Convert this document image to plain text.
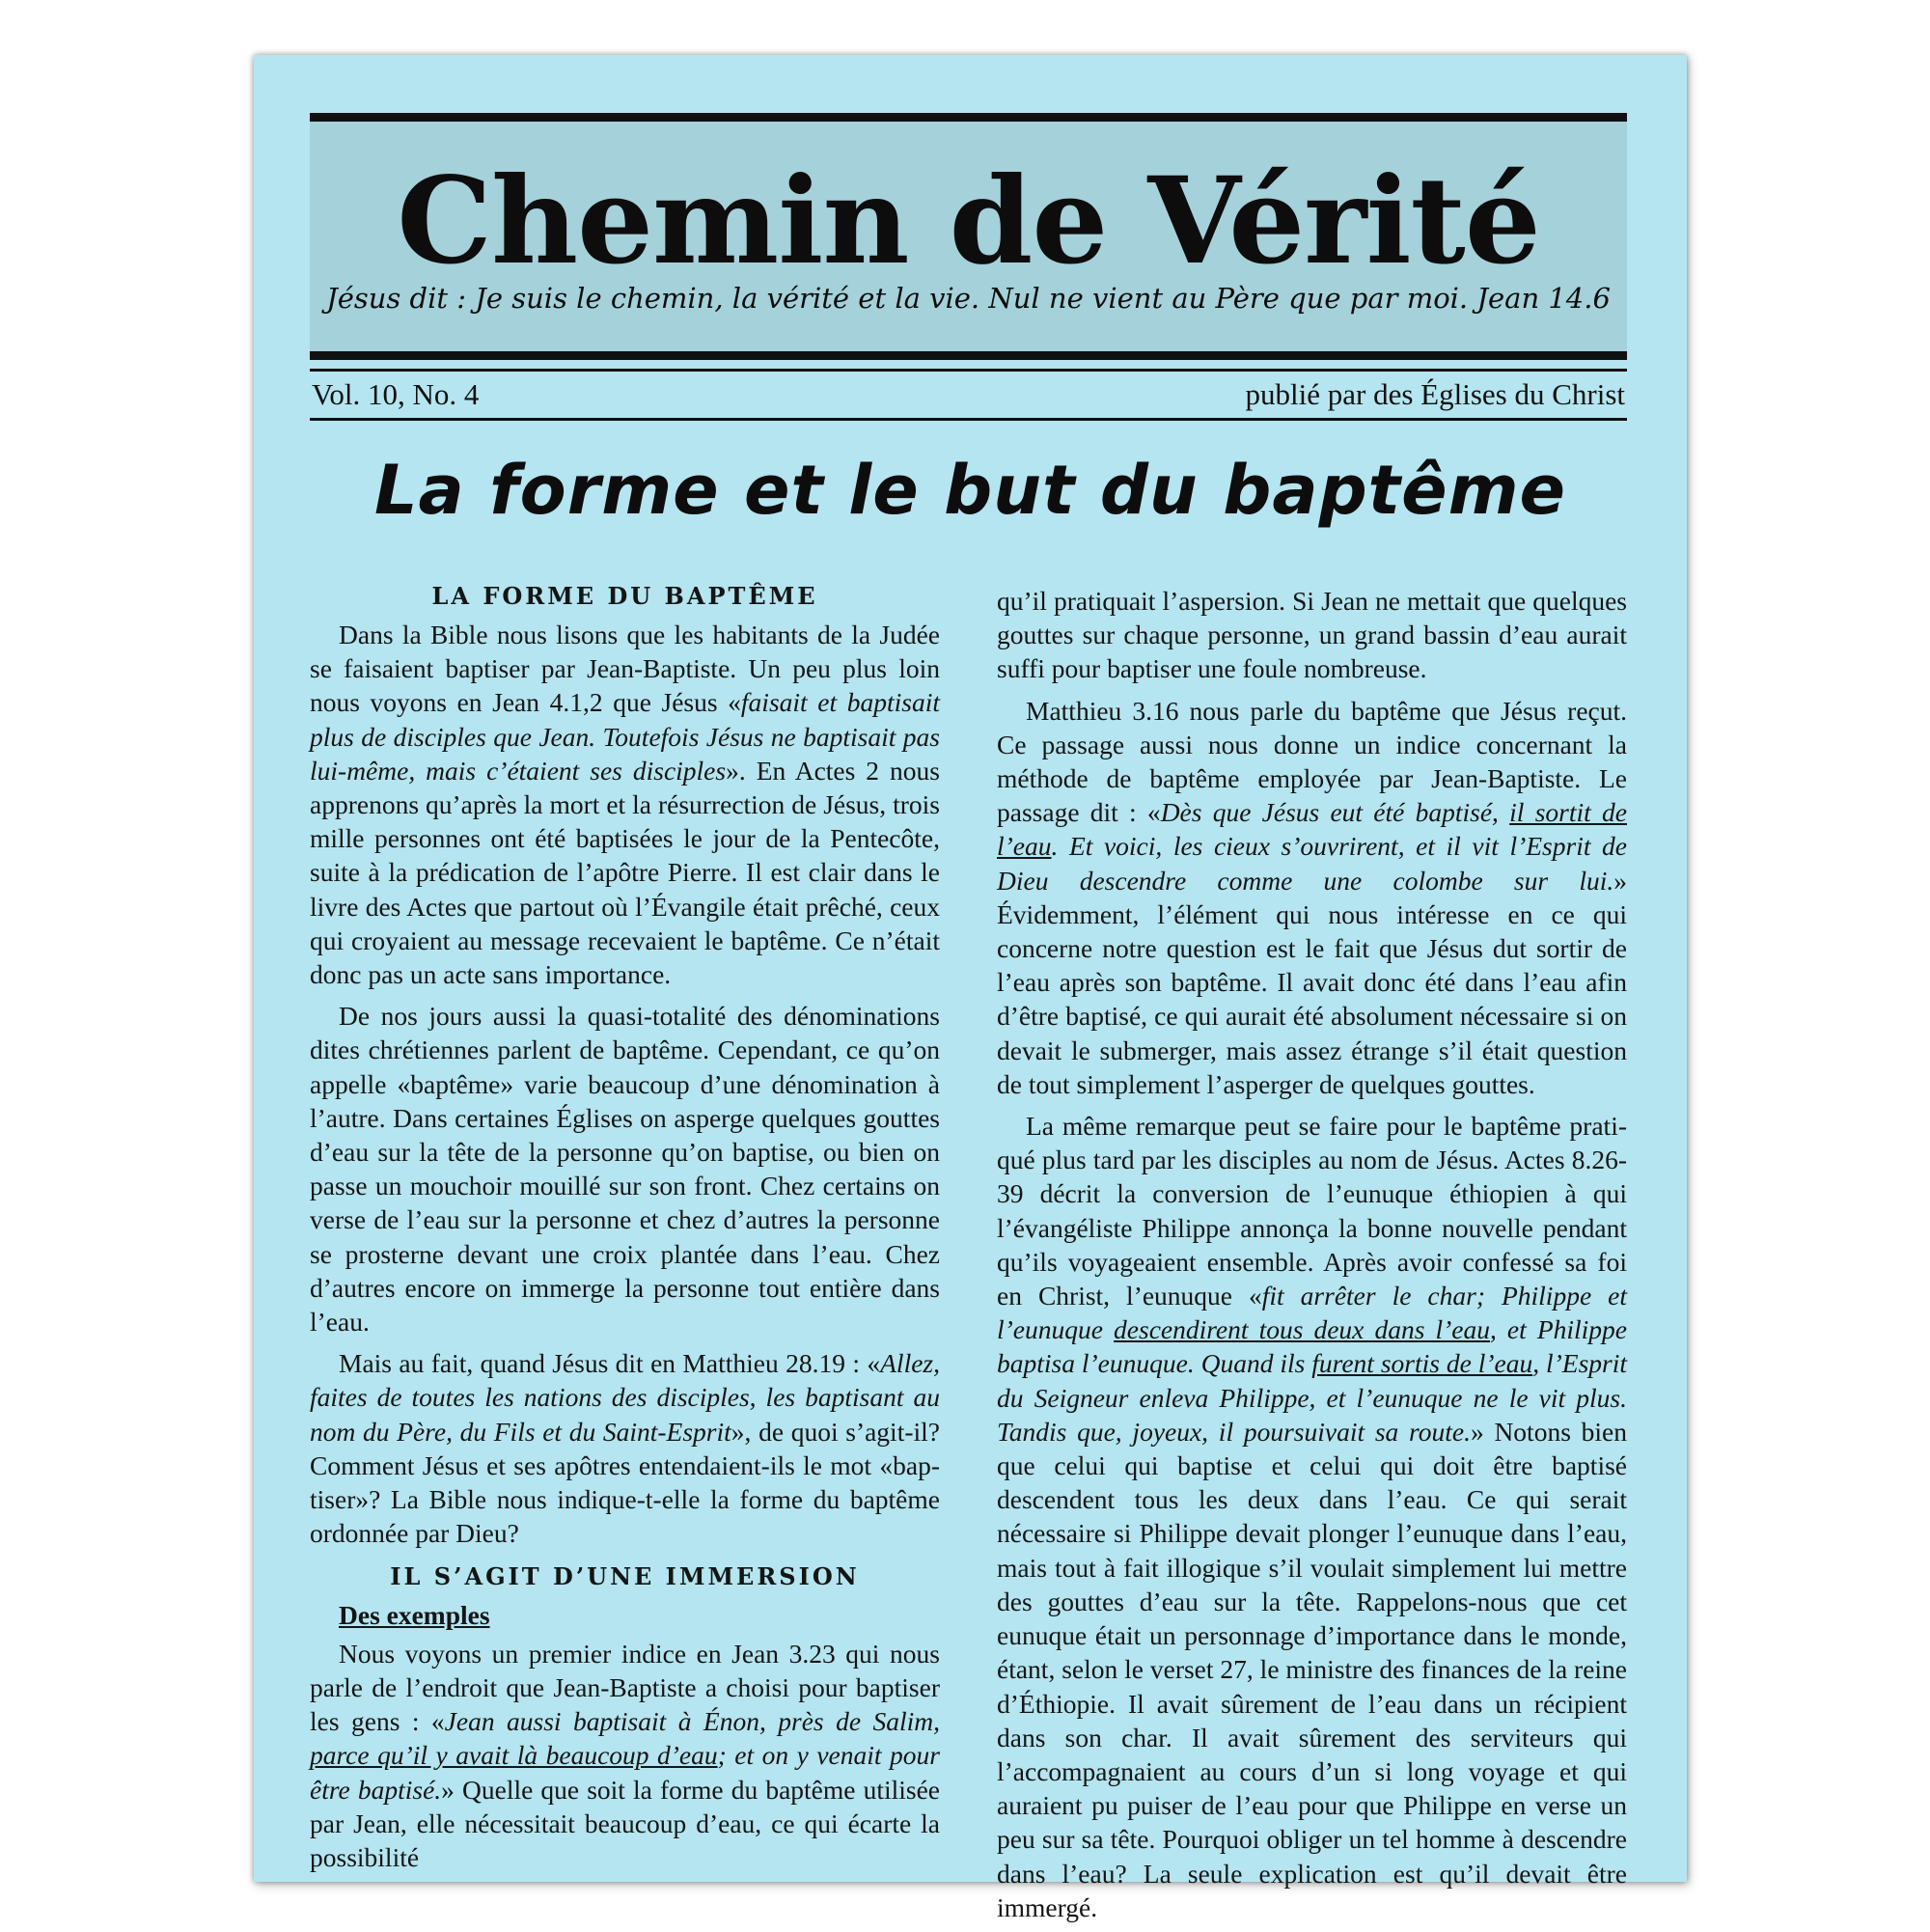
Chemin de Vérité
Jésus dit : Je suis le chemin, la vérité et la vie. Nul ne vient au Père que par moi. Jean 14.6
Vol. 10, No. 4	publié par des Églises du Christ
La forme et le but du baptême
LA FORME DU BAPTÊME

Dans la Bible nous lisons que les habitants de la Judée se faisaient baptiser par Jean-Baptiste. Un peu plus loin nous voyons en Jean 4.1,2 que Jésus «faisait et baptisait plus de disciples que Jean. Toutefois Jésus ne baptisait pas lui-même, mais c’étaient ses disciples». En Actes 2 nous apprenons qu’après la mort et la résurrection de Jésus, trois mille personnes ont été baptisées le jour de la Pentecôte, suite à la prédication de l’apôtre Pierre. Il est clair dans le livre des Actes que partout où l’Évangile était prêché, ceux qui croyaient au message recevaient le baptême. Ce n’était donc pas un acte sans importance.

De nos jours aussi la quasi-totalité des dénominations dites chrétiennes parlent de baptême. Cependant, ce qu’on appelle «baptême» varie beaucoup d’une dénomination à l’autre. Dans certaines Églises on asperge quelques gouttes d’eau sur la tête de la personne qu’on baptise, ou bien on passe un mouchoir mouillé sur son front. Chez certains on verse de l’eau sur la personne et chez d’autres la personne se prosterne devant une croix plantée dans l’eau. Chez d’autres encore on immerge la personne tout entière dans l’eau.

Mais au fait, quand Jésus dit en Matthieu 28.19 : «Allez, faites de toutes les nations des disciples, les baptisant au nom du Père, du Fils et du Saint-Esprit», de quoi s’agit-il? Comment Jésus et ses apôtres entendaient-ils le mot «baptiser»? La Bible nous indique-t-elle la forme du baptême ordonnée par Dieu?

IL S’AGIT D’UNE IMMERSION
Des exemples

Nous voyons un premier indice en Jean 3.23 qui nous parle de l’endroit que Jean-Baptiste a choisi pour baptiser les gens : «Jean aussi baptisait à Énon, près de Salim, parce qu’il y avait là beaucoup d’eau; et on y venait pour être baptisé.» Quelle que soit la forme du baptême utilisée par Jean, elle nécessitait beaucoup d’eau, ce qui écarte la possibilité

qu’il pratiquait l’aspersion. Si Jean ne mettait que quelques gouttes sur chaque personne, un grand bassin d’eau aurait suffi pour baptiser une foule nombreuse.

Matthieu 3.16 nous parle du baptême que Jésus reçut. Ce passage aussi nous donne un indice concernant la méthode de baptême employée par Jean-Baptiste. Le passage dit : «Dès que Jésus eut été baptisé, il sortit de l’eau. Et voici, les cieux s’ouvrirent, et il vit l’Esprit de Dieu descendre comme une colombe sur lui.» Évidemment, l’élément qui nous intéresse en ce qui concerne notre question est le fait que Jésus dut sortir de l’eau après son baptême. Il avait donc été dans l’eau afin d’être baptisé, ce qui aurait été absolument nécessaire si on devait le submerger, mais assez étrange s’il était question de tout simplement l’asperger de quelques gouttes.

La même remarque peut se faire pour le baptême pratiqué plus tard par les disciples au nom de Jésus. Actes 8.26-39 décrit la conversion de l’eunuque éthiopien à qui l’évangéliste Philippe annonça la bonne nouvelle pendant qu’ils voyageaient ensemble. Après avoir confessé sa foi en Christ, l’eunuque «fit arrêter le char; Philippe et l’eunuque descendirent tous deux dans l’eau, et Philippe baptisa l’eunuque. Quand ils furent sortis de l’eau, l’Esprit du Seigneur enleva Philippe, et l’eunuque ne le vit plus. Tandis que, joyeux, il poursuivait sa route.» Notons bien que celui qui baptise et celui qui doit être baptisé descendent tous les deux dans l’eau. Ce qui serait nécessaire si Philippe devait plonger l’eunuque dans l’eau, mais tout à fait illogique s’il voulait simplement lui mettre des gouttes d’eau sur la tête. Rappelons-nous que cet eunuque était un personnage d’importance dans le monde, étant, selon le verset 27, le ministre des finances de la reine d’Éthiopie. Il avait sûrement de l’eau dans un récipient dans son char. Il avait sûrement des serviteurs qui l’accompagnaient au cours d’un si long voyage et qui auraient pu puiser de l’eau pour que Philippe en verse un peu sur sa tête. Pourquoi obliger un tel homme à descendre dans l’eau? La seule explication est qu’il devait être immergé.
